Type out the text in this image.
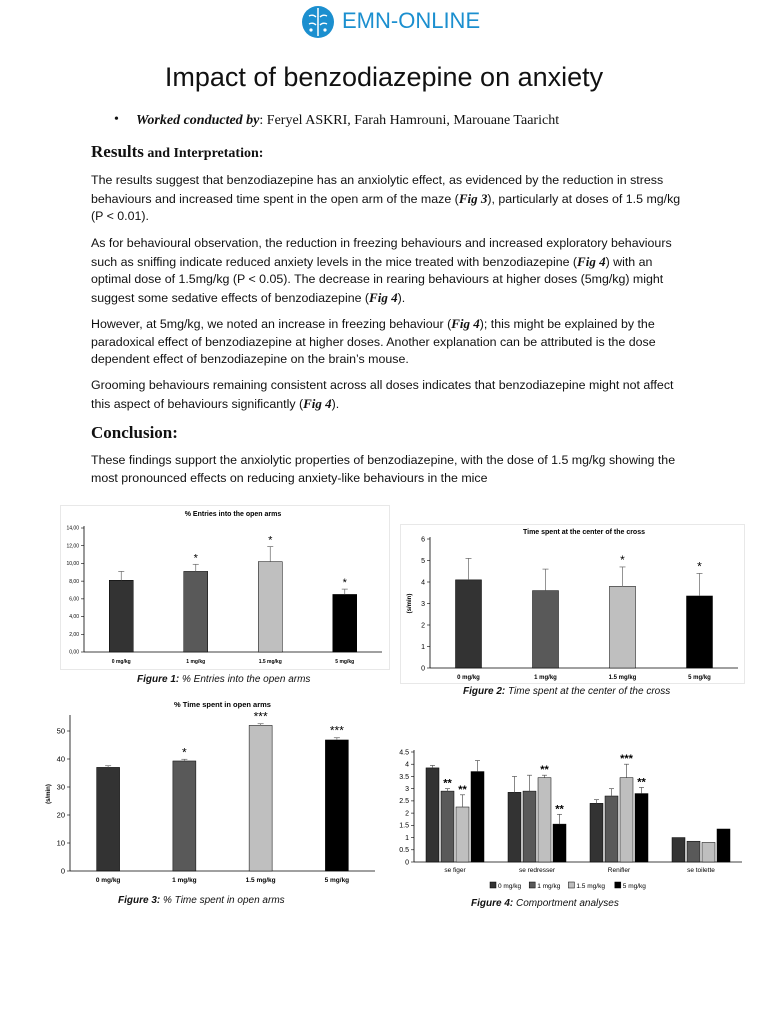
EMN-ONLINE
Impact of benzodiazepine on anxiety
• Worked conducted by: Feryel ASKRI, Farah Hamrouni, Marouane Taaricht
Results and Interpretation:
The results suggest that benzodiazepine has an anxiolytic effect, as evidenced by the reduction in stress behaviours and increased time spent in the open arm of the maze (Fig 3), particularly at doses of 1.5 mg/kg (P < 0.01).
As for behavioural observation, the reduction in freezing behaviours and increased exploratory behaviours such as sniffing indicate reduced anxiety levels in the mice treated with benzodiazepine (Fig 4) with an optimal dose of 1.5mg/kg (P < 0.05). The decrease in rearing behaviours at higher doses (5mg/kg) might suggest some sedative effects of benzodiazepine (Fig 4).
However, at 5mg/kg, we noted an increase in freezing behaviour (Fig 4); this might be explained by the paradoxical effect of benzodiazepine at higher doses. Another explanation can be attributed is the dose dependent effect of benzodiazepine on the brain’s mouse.
Grooming behaviours remaining consistent across all doses indicates that benzodiazepine might not affect this aspect of behaviours significantly (Fig 4).
Conclusion:
These findings support the anxiolytic properties of benzodiazepine, with the dose of 1.5 mg/kg showing the most pronounced effects on reducing anxiety-like behaviours in the mice
% Entries into the open arms
0,00
2,00
4,00
6,00
8,00
10,00
12,00
14,00
0 mg/kg
*
1 mg/kg
*
1.5 mg/kg
*
5 mg/kg
Time spent at the center of the cross
0
1
2
3
4
5
6
(s/min)
0 mg/kg	1 mg/kg
*
1.5 mg/kg
*
5 mg/kg
% Time spent in open arms
0
10
20
30
40
50
(s/min)
0 mg/kg
*
1 mg/kg
***
1.5 mg/kg
***
5 mg/kg
0
0.5
1
1.5
2
2.5
3
3.5
4
4.5
**
**
se figer
**
**
se redresser
***
**
Renifler	se toilette
0 mg/kg 1 mg/kg 1.5 mg/kg	5 mg/kg
Figure 1: % Entries into the open arms
Figure 2: Time spent at the center of the cross
Figure 3: % Time spent in open arms	Figure 4: Comportment analyses
